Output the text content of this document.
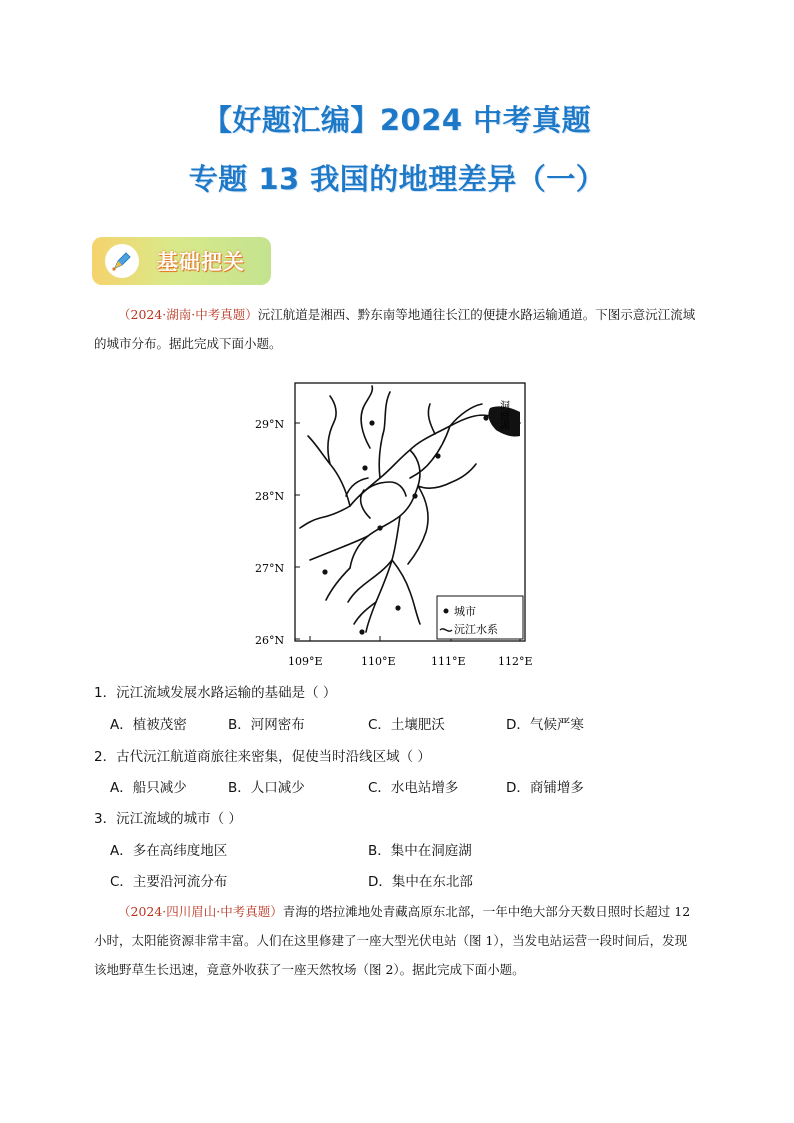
【好题汇编】2024 中考真题
专题 13 我国的地理差异（一）
基础把关
（2024·湖南·中考真题）沅江航道是湘西、黔东南等地通往长江的便捷水路运输通道。下图示意沅江流域的城市分布。据此完成下面小题。
29°N
28°N
27°N
26°N
109°E	110°E	111°E	112°E
洞庭湖
城市
沅江水系
1．沅江流域发展水路运输的基础是（ ）
A．植被茂密	B．河网密布	C．土壤肥沃	D．气候严寒
2．古代沅江航道商旅往来密集，促使当时沿线区域（ ）
A．船只减少	B．人口减少	C．水电站增多	D．商铺增多
3．沅江流域的城市（ ）
A．多在高纬度地区	B．集中在洞庭湖
C．主要沿河流分布	D．集中在东北部
（2024·四川眉山·中考真题）青海的塔拉滩地处青藏高原东北部，一年中绝大部分天数日照时长超过 12 小时，太阳能资源非常丰富。人们在这里修建了一座大型光伏电站（图 1），当发电站运营一段时间后，发现该地野草生长迅速，竟意外收获了一座天然牧场（图 2）。据此完成下面小题。
